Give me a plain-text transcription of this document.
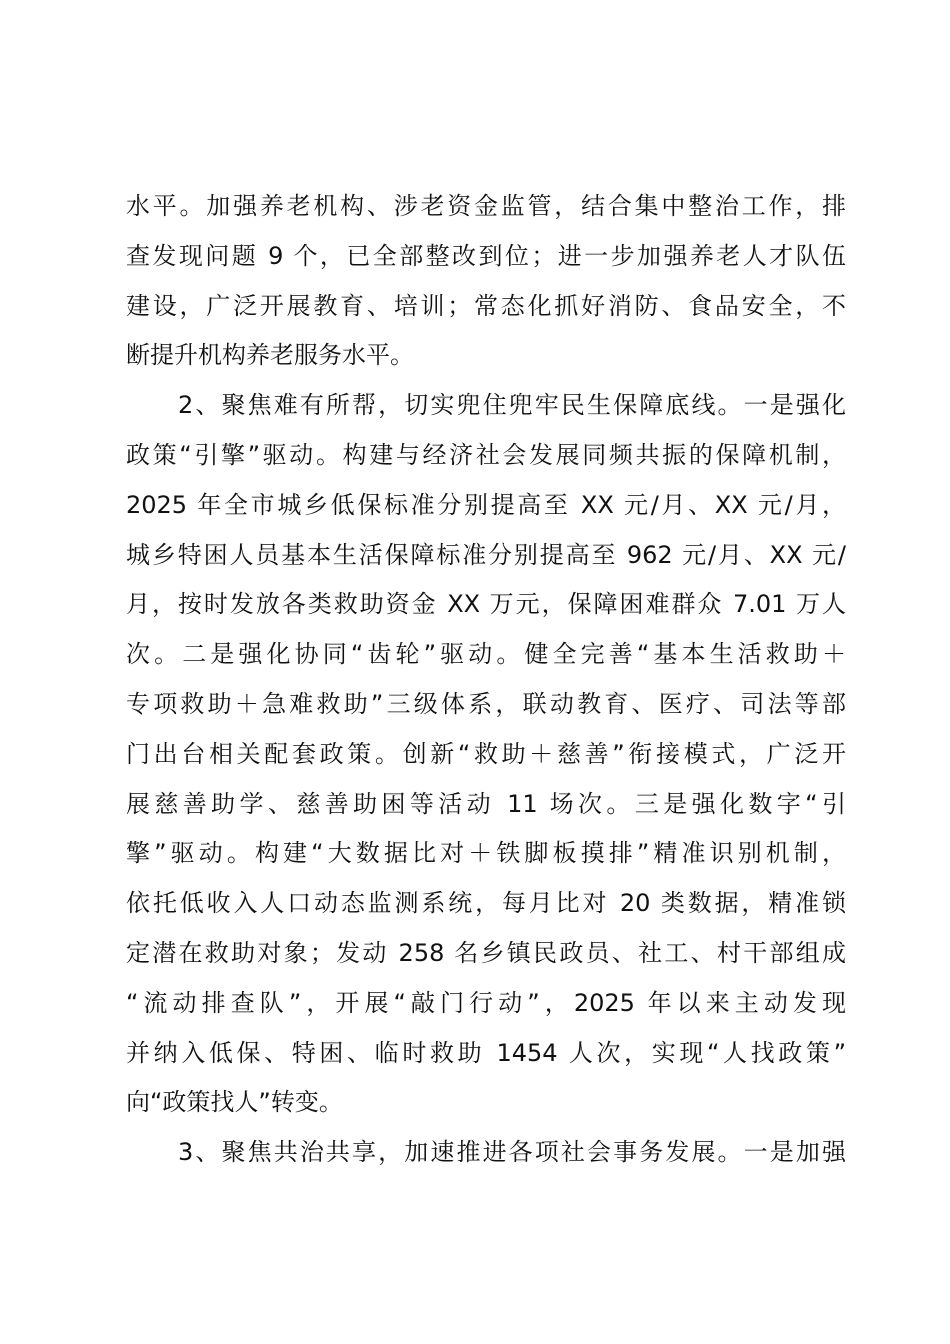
水平。加强养老机构、涉老资金监管，结合集中整治工作，排
查发现问题 9 个，已全部整改到位；进一步加强养老人才队伍
建设，广泛开展教育、培训；常态化抓好消防、食品安全，不
断提升机构养老服务水平。
2、聚焦难有所帮，切实兜住兜牢民生保障底线。一是强化
政策“引擎”驱动。构建与经济社会发展同频共振的保障机制，
2025 年全市城乡低保标准分别提高至 XX 元/月、XX 元/月，
城乡特困人员基本生活保障标准分别提高至 962 元/月、XX 元/
月，按时发放各类救助资金 XX 万元，保障困难群众 7.01 万人
次。二是强化协同“齿轮”驱动。健全完善“基本生活救助＋
专项救助＋急难救助”三级体系，联动教育、医疗、司法等部
门出台相关配套政策。创新“救助＋慈善”衔接模式，广泛开
展慈善助学、慈善助困等活动 11 场次。三是强化数字“引
擎”驱动。构建“大数据比对＋铁脚板摸排”精准识别机制，
依托低收入人口动态监测系统，每月比对 20 类数据，精准锁
定潜在救助对象；发动 258 名乡镇民政员、社工、村干部组成
“流动排查队”，开展“敲门行动”，2025 年以来主动发现
并纳入低保、特困、临时救助 1454 人次，实现“人找政策”
向“政策找人”转变。
3、聚焦共治共享，加速推进各项社会事务发展。一是加强
